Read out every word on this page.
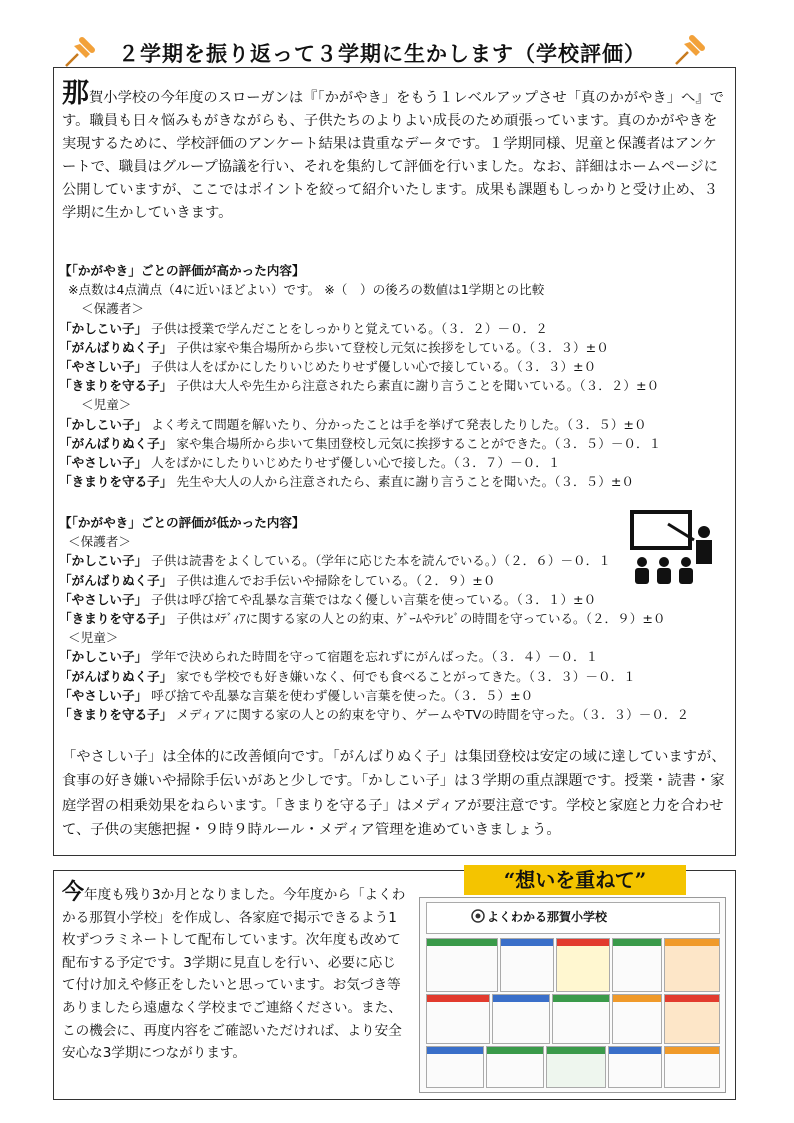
２学期を振り返って３学期に生かします（学校評価）
那賀小学校の今年度のスローガンは『「かがやき」をもう１レベルアップさせ「真のかがやき」へ』です。職員も日々悩みもがきながらも、子供たちのよりよい成長のため頑張っています。真のかがやきを実現するために、学校評価のアンケート結果は貴重なデータです。１学期同様、児童と保護者はアンケートで、職員はグループ協議を行い、それを集約して評価を行いました。なお、詳細はホームページに公開していますが、ここではポイントを絞って紹介いたします。成果も課題もしっかりと受け止め、３学期に生かしていきます。
【「かがやき」ごとの評価が高かった内容】
※点数は4点満点（4に近いほどよい）です。 ※（　）の後ろの数値は1学期との比較
＜保護者＞
「かしこい子」 子供は授業で学んだことをしっかりと覚えている。（３．２）－０．２
「がんばりぬく子」 子供は家や集合場所から歩いて登校し元気に挨拶をしている。（３．３）±０
「やさしい子」 子供は人をばかにしたりいじめたりせず優しい心で接している。（３．３）±０
「きまりを守る子」 子供は大人や先生から注意されたら素直に謝り言うことを聞いている。（３．２）±０
＜児童＞
「かしこい子」 よく考えて問題を解いたり、分かったことは手を挙げて発表したりした。（３．５）±０
「がんばりぬく子」 家や集合場所から歩いて集団登校し元気に挨拶することができた。（３．５）－０．１
「やさしい子」 人をばかにしたりいじめたりせず優しい心で接した。（３．７）－０．１
「きまりを守る子」 先生や大人の人から注意されたら、素直に謝り言うことを聞いた。（３．５）±０
【「かがやき」ごとの評価が低かった内容】
＜保護者＞
「かしこい子」 子供は読書をよくしている。（学年に応じた本を読んでいる。）（２．６）－０．１
「がんばりぬく子」 子供は進んでお手伝いや掃除をしている。（２．９）±０
「やさしい子」 子供は呼び捨てや乱暴な言葉ではなく優しい言葉を使っている。（３．１）±０
「きまりを守る子」 子供はﾒﾃﾞｨｱに関する家の人との約束、ｹﾞｰﾑやﾃﾚﾋﾞの時間を守っている。（２．９）±０
＜児童＞
「かしこい子」 学年で決められた時間を守って宿題を忘れずにがんばった。（３．４）－０．１
「がんばりぬく子」 家でも学校でも好き嫌いなく、何でも食べることがってきた。（３．３）－０．１
「やさしい子」 呼び捨てや乱暴な言葉を使わず優しい言葉を使った。（３．５）±０
「きまりを守る子」 メディアに関する家の人との約束を守り、ゲームやTVの時間を守った。（３．３）－０．２
「やさしい子」は全体的に改善傾向です。「がんばりぬく子」は集団登校は安定の域に達していますが、食事の好き嫌いや掃除手伝いがあと少しです。「かしこい子」は３学期の重点課題です。授業・読書・家庭学習の相乗効果をねらいます。「きまりを守る子」はメディアが要注意です。学校と家庭と力を合わせて、子供の実態把握・９時９時ルール・メディア管理を進めていきましょう。
今年度も残り3か月となりました。今年度から「よくわかる那賀小学校」を作成し、各家庭で掲示できるよう1枚ずつラミネートして配布しています。次年度も改めて配布する予定です。3学期に見直しを行い、必要に応じて付け加えや修正をしたいと思っています。お気づき等ありましたら遠慮なく学校までご連絡ください。また、この機会に、再度内容をご確認いただければ、より安全安心な3学期につながります。
“想いを重ねて”
よくわかる那賀小学校
